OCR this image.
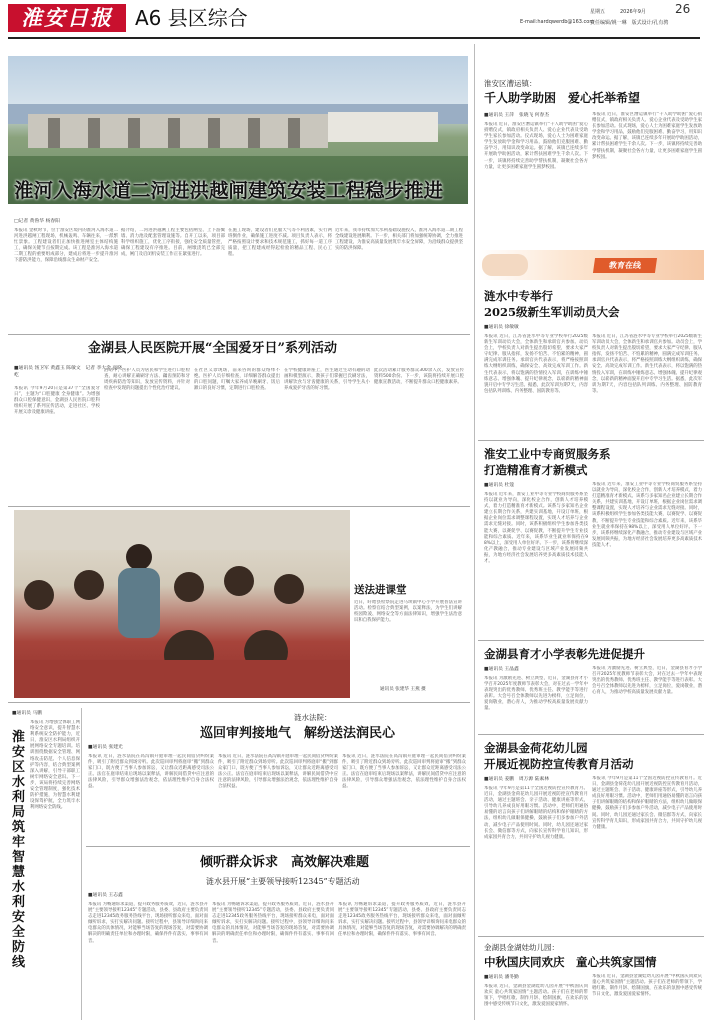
淮安日报	A6 县区综合	星期五	2026年9月 26
E-mail:hardqwerdb@163.com
责任编辑/姚一琳　版式设计/孔有骋
淮河入海水道二河进洪越闸建筑安装工程稳步推进
□记者 黄鲁华 杨春阳
本报讯 金秋时节，位于淮安区境内的淮河入海水道二河进洪越闸工程现场，机械轰鸣、车辆往来，一派繁忙景象。工程建设者们正加快推进闸室主体结构施工，确保关键节点按期完成。该工程是淮河入海水道二期工程的重要组成部分，建成后将进一步提升淮河下游防洪能力，保障沿线群众生命财产安全。
据介绍，二河进洪越闸工程主要包括闸室、上下游翼墙、消力池及配套管理设施等。自开工以来，项目部科学组织施工，优化工序衔接，强化安全质量管控，确保工程建设有序推进。目前，闸墩浇筑已全部完成，闸门及启闭机安装工作正在紧张进行。
在施工现场，建设者们克服天气等不利因素，实行两班倒作业，确保施工进度不减。项目负责人表示，将严格按照设计要求和技术规范施工，抓好每一道工序质量，把工程建成经得起检验的精品工程、民心工程。
近年来，我市持续加大水利基础设施投入，淮河入海水道二期工程全线建设进展顺利。下一步，相关部门将加强统筹协调，全力推进工程建设，为淮安高质量发展筑牢水安全屏障，为沿线群众提供坚实的防洪保障。
金湖县人民医院开展“全国爱牙日”系列活动
■通讯员 汤卫军 黄鑫玉 陈敏文　记者 李大金 亮晓屹
本报讯 今年9月20日是第37个“全国爱牙日”，主题为“口腔健康 全身健康”。为增强群众口腔保健意识，金湖县人民医院口腔科组织开展了系列宣传活动，走进社区、学校开展义诊及健康讲座。
活动中，医护人员为居民和学生进行口腔检查，耐心讲解正确刷牙方法、龋齿预防和牙周疾病防治等知识，发放宣传资料，并针对检查中发现的问题提出个性化治疗建议。
在社区义诊现场，前来咨询的群众络绎不绝。医护人员仔细检查，详细解答群众提出的口腔问题，叮嘱大家养成早晚刷牙、饭后漱口的良好习惯，定期进行口腔检查。
在学校健康讲座上，医生通过生动有趣的动画和模型演示，教孩子们掌握巴氏刷牙法，讲解饮食与牙齿健康的关系，引导学生从小养成爱护牙齿的好习惯。
此次活动累计服务群众300余人次，发放宣传资料500余份。下一步，该院将持续开展口腔健康宣教活动，不断提升群众口腔健康素养。
送法进课堂
近日，盱眙县检察院走进马坝镇中心小学开展普法宣讲活动。检察官结合典型案例，以案释法，为学生们讲解校园欺凌、网络安全等方面法律知识，增强学生法治意识和自我保护能力。
通讯员 张建华 王燕 摄
■通讯员 马鹏
淮安区水利局筑牢智慧水利安全防线
本报讯 为增强全体职工网络安全意识，提升智慧水利系统安全防护能力，近日，淮安区水利局组织开展网络安全专题培训。培训围绕数据安全管理、网络攻击防范、个人信息保护等内容，结合典型案例深入讲解，引导干部职工树牢网络安全意识。下一步，该局将持续完善网络安全管理制度，强化技术防护措施，为智慧水利建设保驾护航，全力筑牢水利网络安全防线。
涟水法院：
巡回审判接地气　解纷送法润民心
■通讯员 张建光
本报讯 近日，涟水法院在高沟镇开庭审理一起民间借贷纠纷案件，吸引了附近群众到场旁听。此次巡回审判将庭审“搬”到群众家门口，既方便了当事人参加诉讼，又让群众近距离感受司法公正。法官在庭审结束后现场以案释法，讲解民间借贷中应注意的法律风险，引导群众增强法治观念，依法理性维护自身合法权益。
本报讯 近日，涟水法院在高沟镇开庭审理一起民间借贷纠纷案件，吸引了附近群众到场旁听。此次巡回审判将庭审“搬”到群众家门口，既方便了当事人参加诉讼，又让群众近距离感受司法公正。法官在庭审结束后现场以案释法，讲解民间借贷中应注意的法律风险，引导群众增强法治观念，依法理性维护自身合法权益。
本报讯 近日，涟水法院在高沟镇开庭审理一起民间借贷纠纷案件，吸引了附近群众到场旁听。此次巡回审判将庭审“搬”到群众家门口，既方便了当事人参加诉讼，又让群众近距离感受司法公正。法官在庭审结束后现场以案释法，讲解民间借贷中应注意的法律风险，引导群众增强法治观念，依法理性维护自身合法权益。
倾听群众诉求　高效解决难题
涟水县开展“主要领导接听12345”专题活动
■通讯员 王志鑫
本报讯 为畅通诉求渠道，提升政务服务质效，近日，涟水县开展“主要领导接听12345”专题活动，县委、县政府主要负责同志走进12345政务服务热线平台，现场接听群众来电，面对面倾听诉求，实打实解决问题。接听过程中，县领导详细询问来电群众的具体情况，对能够当场答复的现场答复，对需要协调解决的明确责任单位和办理时限，确保件件有落实、事事有回音。
本报讯 为畅通诉求渠道，提升政务服务质效，近日，涟水县开展“主要领导接听12345”专题活动，县委、县政府主要负责同志走进12345政务服务热线平台，现场接听群众来电，面对面倾听诉求，实打实解决问题。接听过程中，县领导详细询问来电群众的具体情况，对能够当场答复的现场答复，对需要协调解决的明确责任单位和办理时限，确保件件有落实、事事有回音。
本报讯 为畅通诉求渠道，提升政务服务质效，近日，涟水县开展“主要领导接听12345”专题活动，县委、县政府主要负责同志走进12345政务服务热线平台，现场接听群众来电，面对面倾听诉求，实打实解决问题。接听过程中，县领导详细询问来电群众的具体情况，对能够当场答复的现场答复，对需要协调解决的明确责任单位和办理时限，确保件件有落实、事事有回音。
淮安区漕运镇：
千人助学助困　爱心托举希望
■通讯员 王萍　张晓飞 何春杰
本报讯 近日，淮安区漕运镇举行“千人助学助困”爱心捐赠仪式，镇政府相关负责人、爱心企业代表及受助学生家长参加活动。仪式现场，爱心人士为困难家庭学生发放助学金和学习用品，鼓励他们克服困难、勤奋学习，用知识改变命运。据了解，该镇已连续多年开展助学助困活动，累计帮扶困难学生千余人次。下一步，该镇将持续完善助学帮扶机制，凝聚社会各方力量，让更多困难家庭学生圆梦校园。
本报讯 近日，淮安区漕运镇举行“千人助学助困”爱心捐赠仪式，镇政府相关负责人、爱心企业代表及受助学生家长参加活动。仪式现场，爱心人士为困难家庭学生发放助学金和学习用品，鼓励他们克服困难、勤奋学习，用知识改变命运。据了解，该镇已连续多年开展助学助困活动，累计帮扶困难学生千余人次。下一步，该镇将持续完善助学帮扶机制，凝聚社会各方力量，让更多困难家庭学生圆梦校园。
教育在线
涟水中专举行
2025级新生军训动员大会
■通讯员 徐敏敏
本报讯 近日，江苏省涟水中等专业学校举行2025级新生军训动员大会，全体新生和承训官兵参加。动员会上，学校负责人对新生提出殷切希望，要求大家严守纪律、服从指挥，发扬不怕苦、不怕累的精神，圆满完成军训任务。承训官兵代表表示，将严格按照训练大纲组织训练，确保安全、高效完成军训工作。新生代表表示，将以饱满的热情投入军训，在训练中锤炼意志、增强体魄、提升纪律观念，以崭新的精神面貌开启中专学习生活。据悉，此次军训为期7天，内容包括队列训练、内务整理、国防教育等。
本报讯 近日，江苏省涟水中等专业学校举行2025级新生军训动员大会，全体新生和承训官兵参加。动员会上，学校负责人对新生提出殷切希望，要求大家严守纪律、服从指挥，发扬不怕苦、不怕累的精神，圆满完成军训任务。承训官兵代表表示，将严格按照训练大纲组织训练，确保安全、高效完成军训工作。新生代表表示，将以饱满的热情投入军训，在训练中锤炼意志、增强体魄、提升纪律观念，以崭新的精神面貌开启中专学习生活。据悉，此次军训为期7天，内容包括队列训练、内务整理、国防教育等。
淮安工业中专商贸服务系
打造精准育才新模式
■通讯员 杜蔻
本报讯 近年来，淮安工业中等专业学校商贸服务系坚持以就业为导向，深化校企合作，创新人才培养模式，着力打造精准育才新模式。该系与多家知名企业建立长期合作关系，共建实训基地，开设订单班，根据企业岗位需求调整课程设置，实现人才培养与企业需求无缝对接。同时，该系积极组织学生参加各类技能大赛，以赛促学、以赛促教，不断提升学生专业技能和综合素质。近年来，该系毕业生就业率保持在98%以上，深受用人单位好评。下一步，该系将继续深化产教融合，推动专业建设与区域产业发展同频共振，为地方经济社会发展培养更多高素质技术技能人才。
本报讯 近年来，淮安工业中等专业学校商贸服务系坚持以就业为导向，深化校企合作，创新人才培养模式，着力打造精准育才新模式。该系与多家知名企业建立长期合作关系，共建实训基地，开设订单班，根据企业岗位需求调整课程设置，实现人才培养与企业需求无缝对接。同时，该系积极组织学生参加各类技能大赛，以赛促学、以赛促教，不断提升学生专业技能和综合素质。近年来，该系毕业生就业率保持在98%以上，深受用人单位好评。下一步，该系将继续深化产教融合，推动专业建设与区域产业发展同频共振，为地方经济社会发展培养更多高素质技术技能人才。
金湖县育才小学表彰先进促提升
■通讯员 王晶鑫
本报讯 为激励先进、树立典型，近日，金湖县育才小学召开2025年度教师节表彰大会，对在过去一学年中表现突出的优秀教师、优秀班主任、教学能手等进行表彰。大会号召全体教师以先进为榜样，立足岗位，爱岗敬业，潜心育人，为推动学校高质量发展贡献力量。
本报讯 为激励先进、树立典型，近日，金湖县育才小学召开2025年度教师节表彰大会，对在过去一学年中表现突出的优秀教师、优秀班主任、教学能手等进行表彰。大会号召全体教师以先进为榜样，立足岗位，爱岗敬业，潜心育人，为推动学校高质量发展贡献力量。
金湖县金荷花幼儿园
开展近视防控宣传教育月活动
■通讯员 姜鹏　周万源 陆素林
本报讯 今年9月是第11个全国近视防控宣传教育月。近日，金湖县金荷花幼儿园开展近视防控宣传教育月活动，通过主题班会、亲子活动、健康讲座等形式，引导幼儿养成良好用眼习惯。活动中，老师们用通俗易懂的语言向孩子们讲解眼睛的结构和保护眼睛的方法，组织幼儿做眼保健操，鼓励孩子们多参加户外活动，减少电子产品使用时间。同时，幼儿园还通过家长会、微信群等方式，向家长宣传科学育儿知识，形成家园共育合力，共同守护幼儿视力健康。
本报讯 今年9月是第11个全国近视防控宣传教育月。近日，金湖县金荷花幼儿园开展近视防控宣传教育月活动，通过主题班会、亲子活动、健康讲座等形式，引导幼儿养成良好用眼习惯。活动中，老师们用通俗易懂的语言向孩子们讲解眼睛的结构和保护眼睛的方法，组织幼儿做眼保健操，鼓励孩子们多参加户外活动，减少电子产品使用时间。同时，幼儿园还通过家长会、微信群等方式，向家长宣传科学育儿知识，形成家园共育合力，共同守护幼儿视力健康。
金湖县金湖娃幼儿园：
中秋国庆同欢庆　童心共筑家国情
■通讯员 潘冬勤
本报讯 近日，金湖县金湖娃幼儿园开展“中秋国庆同欢庆 童心共筑家国情”主题活动。孩子们在老师的带领下，学唱红歌、制作月饼、绘制国旗，在欢乐的氛围中感受传统节日文化，激发爱国爱家情怀。
本报讯 近日，金湖县金湖娃幼儿园开展“中秋国庆同欢庆 童心共筑家国情”主题活动。孩子们在老师的带领下，学唱红歌、制作月饼、绘制国旗，在欢乐的氛围中感受传统节日文化，激发爱国爱家情怀。
